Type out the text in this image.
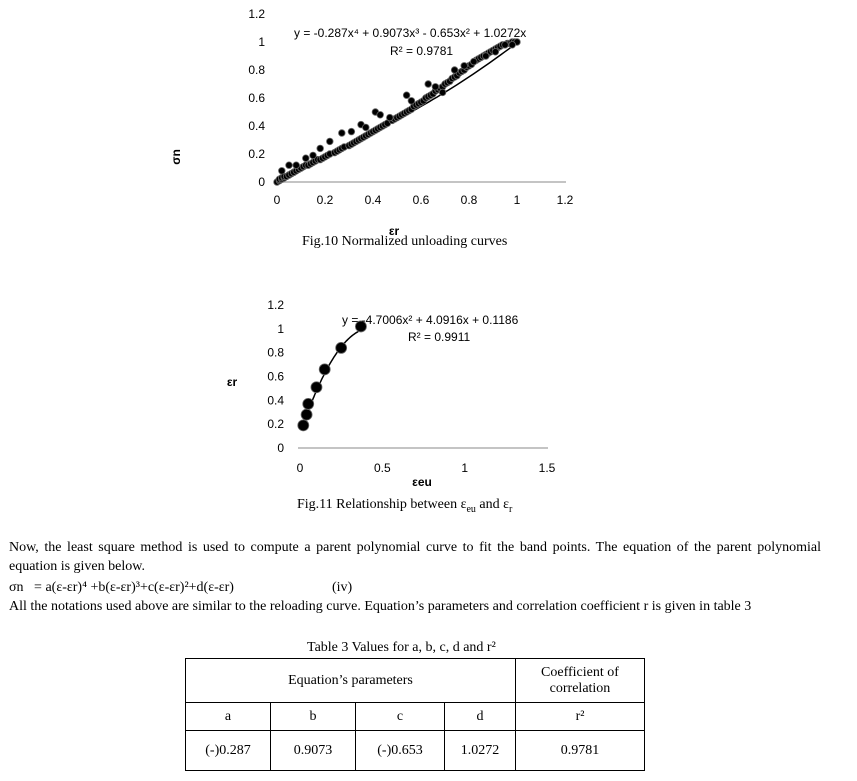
0
0.2
0.4
0.6
0.8
1
1.2
0	0.2	0.4	0.6	0.8	1	1.2
y = -0.287x⁴ + 0.9073x³ - 0.653x² + 1.0272x
R² = 0.9781
σn
εr
Fig.10 Normalized unloading curves
0
0.2
0.4
0.6
0.8
1
1.2
0	0.5	1	1.5
y = -4.7006x² + 4.0916x + 0.1186
R² = 0.9911
εr
εeu
Fig.11 Relationship between $\varepsilon_{eu}$ and $\varepsilon_r$
Now, the least square method is used to compute a parent polynomial curve to fit the band points. The equation of the parent polynomial equation is given below.
σn   = a(ε-εr)⁴ +b(ε-εr)³+c(ε-εr)²+d(ε-εr)	(iv)
All the notations used above are similar to the reloading curve. Equation’s parameters and correlation coefficient r is given in table 3
Table 3 Values for a, b, c, d and r²
Equation’s parameters				Coefficient of correlation
a	b	c	d	r²
(-)0.287	0.9073	(-)0.653	1.0272	0.9781
